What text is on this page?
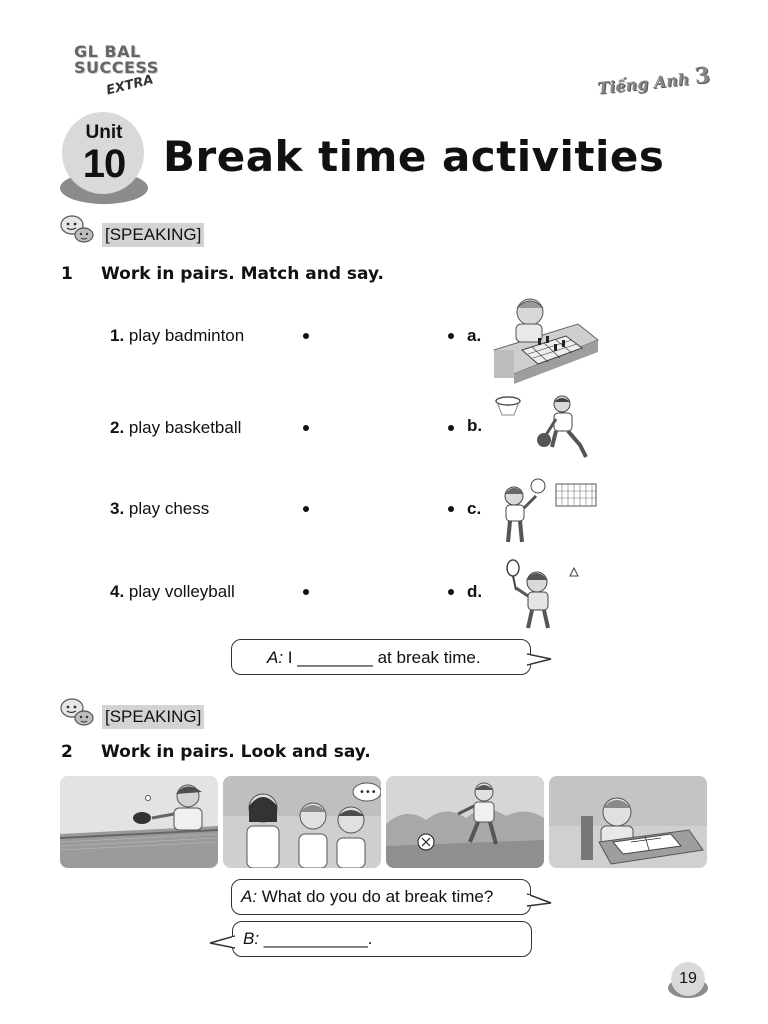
GL BAL
SUCCESS
EXTRA	Tiếng Anh 3
Unit
10 Break time activities
[SPEAKING]
1 Work in pairs. Match and say.
1. play badminton
2. play basketball
3. play chess
4. play volleyball
a.
b.
c.
d.
A: I ________ at break time.
[SPEAKING]
2 Work in pairs. Look and say.
•••
A: What do you do at break time?
B: ___________.
19
